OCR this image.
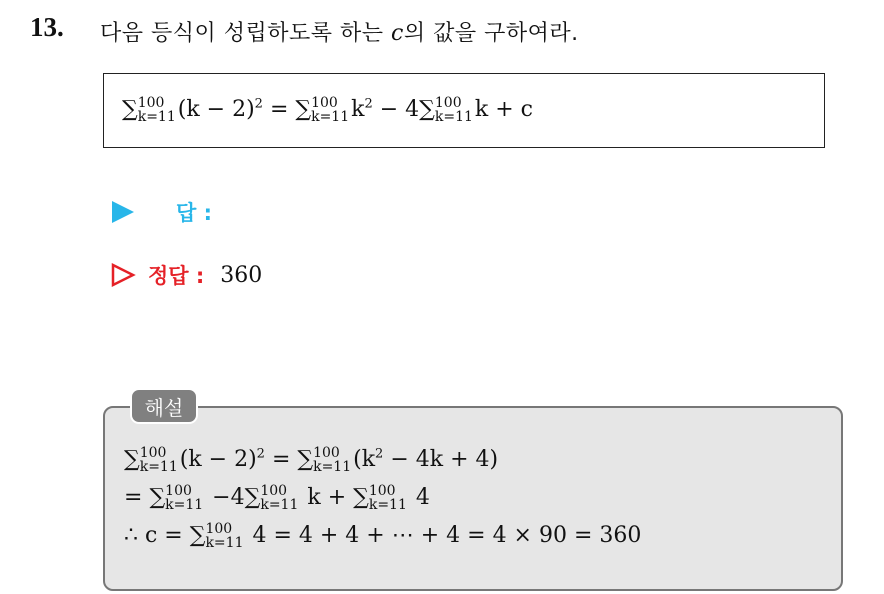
13. 다음 등식이 성립하도록 하는 c의 값을 구하여라.
∑ 100
k=11 $(k - 2)^2$ = ∑ 100
k=11 $k^2 - 4\sum$ 100
k=11 k + c
답 :
정답 : 360
해설
∑ 100
k=11 $(k - 2)^2$ = ∑ 100
k=11 $(k^2 - 4k + 4)$
= ∑ 100
k=11 −4∑ 100
k=11 k + ∑ 100
k=11 4
∴ c = ∑ 100
k=11 4 = 4 + 4 + ⋯ + 4 = 4 × 90 = 360
